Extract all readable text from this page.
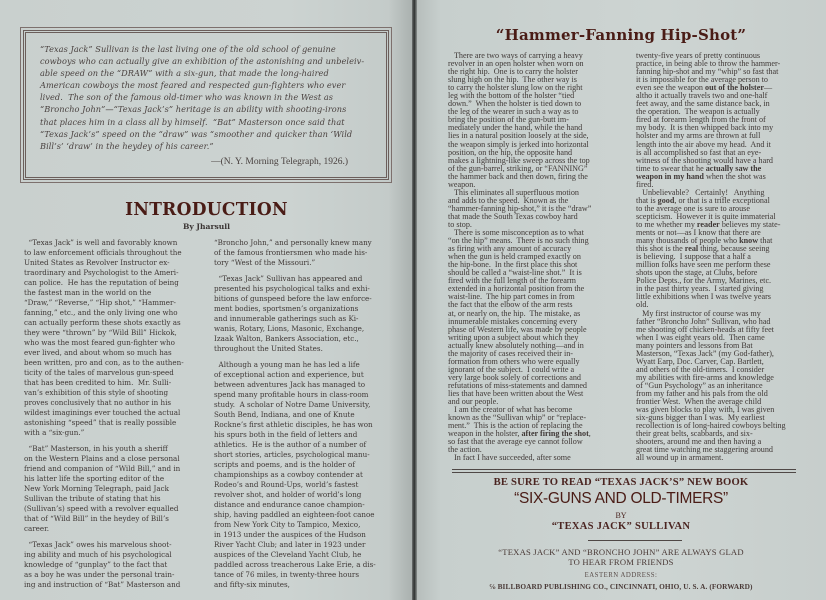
“Texas Jack” Sullivan is the last living one of the old school of genuine
cowboys who can actually give an exhibition of the astonishing and unbeleiv-
able speed on the “DRAW” with a six-gun, that made the long-haired
American cowboys the most feared and respected gun-fighters who ever
lived.  The son of the famous old-timer who was known in the West as
“Broncho John”—“Texas Jack’s” heritage is an ability with shooting-irons
that places him in a class all by himself.  “Bat” Masterson once said that
“Texas Jack’s” speed on the “draw” was “smoother and quicker than ‘Wild
Bill’s’ ‘draw’ in the heydey of his career.”
—(N. Y. Morning Telegraph, 1926.)
INTRODUCTION
By Jharsull

“Texas Jack” is well and favorably known
to law enforcement officials throughout the
United States as Revolver Instructor ex-
traordinary and Psychologist to the Ameri-
can police.  He has the reputation of being
the fastest man in the world on the
“Draw,” “Reverse,” “Hip shot,” “Hammer-
fanning,” etc., and the only living one who
can actually perform these shots exactly as
they were “thrown” by “Wild Bill” Hickok,
who was the most feared gun-fighter who
ever lived, and about whom so much has
been written, pro and con, as to the authen-
ticity of the tales of marvelous gun-speed
that has been credited to him.  Mr. Sulli-
van’s exhibition of this style of shooting
proves conclusively that no author in his
wildest imaginings ever touched the actual
astonishing “speed” that is really possible
with a “six-gun.”

“Bat” Masterson, in his youth a sheriff
on the Western Plains and a close personal
friend and companion of “Wild Bill,” and in
his latter life the sporting editor of the
New York Morning Telegraph, paid Jack
Sullivan the tribute of stating that his
(Sullivan’s) speed with a revolver equalled
that of “Wild Bill” in the heydey of Bill’s
career.

“Texas Jack” owes his marvelous shoot-
ing ability and much of his psychological
knowledge of “gunplay” to the fact that
as a boy he was under the personal train-
ing and instruction of “Bat” Masterson and

“Broncho John,” and personally knew many
of the famous frontiersmen who made his-
tory “West of the Missouri.”

“Texas Jack” Sullivan has appeared and
presented his psychological talks and exhi-
bitions of gunspeed before the law enforce-
ment bodies, sportsmen’s organizations
and innumerable gatherings such as Ki-
wanis, Rotary, Lions, Masonic, Exchange,
Izaak Walton, Bankers Association, etc.,
throughout the United States.

Although a young man he has led a life
of exceptional action and experience, but
between adventures Jack has managed to
spend many profitable hours in class-room
study.  A scholar of Notre Dame University,
South Bend, Indiana, and one of Knute
Rockne’s first athletic disciples, he has won
his spurs both in the field of letters and
athletics.  He is the author of a number of
short stories, articles, psychological manu-
scripts and poems, and is the holder of
championships as a cowboy contender at
Rodeo’s and Round-Ups, world’s fastest
revolver shot, and holder of world’s long
distance and endurance canoe champion-
ship, having paddled an eighteen-foot canoe
from New York City to Tampico, Mexico,
in 1913 under the auspices of the Hudson
River Yacht Club; and later in 1923 under
auspices of the Cleveland Yacht Club, he
paddled across treacherous Lake Erie, a dis-
tance of 76 miles, in twenty-three hours
and fifty-six minutes,

“Hammer-Fanning Hip-Shot”
There are two ways of carrying a heavy
revolver in an open holster when worn on
the right hip.  One is to carry the holster
slung high on the hip.  The other way is
to carry the holster slung low on the right
leg with the bottom of the holster “tied
down.”  When the holster is tied down to
the leg of the wearer in such a way as to
bring the position of the gun-butt im-
mediately under the hand, while the hand
lies in a natural position loosely at the side,
the weapon simply is jerked into horizontal
position, on the hip, the opposite hand
makes a lightning-like sweep across the top
of the gun-barrel, striking, or “FANNING”
the hammer back and then down, firing the
weapon.
This eliminates all superfluous motion
and adds to the speed.  Known as the
“hammer-fanning hip-shot,” it is the “draw”
that made the South Texas cowboy hard
to stop.
There is some misconception as to what
“on the hip” means.  There is no such thing
as firing with any amount of accuracy
when the gun is held cramped exactly on
the hip-bone.  In the first place this shot
should be called a “waist-line shot.”  It is
fired with the full length of the forearm
extended in a horizontal position from the
waist-line.  The hip part comes in from
the fact that the elbow of the arm rests
at, or nearly on, the hip.  The mistake, as
innumerable mistakes concerning every
phase of Western life, was made by people
writing upon a subject about which they
actually knew absolutely nothing—and in
the majority of cases received their in-
formation from others who were equally
ignorant of the subject.  I could write a
very large book solely of corrections and
refutations of miss-statements and damned
lies that have been written about the West
and our people.
I am the creator of what has become
known as the “Sullivan whip” or “replace-
ment.”  This is the action of replacing the
weapon in the holster, after firing the shot,
so fast that the average eye cannot follow
the action.
In fact I have succeeded, after some
twenty-five years of pretty continuous
practice, in being able to throw the hammer-
fanning hip-shot and my “whip” so fast that
it is impossible for the average person to
even see the weapon out of the holster—
altho it actually travels two and one-half
feet away, and the same distance back, in
the operation.  The weapon is actually
fired at forearm length from the front of
my body.  It is then whipped back into my
holster and my arms are thrown at full
length into the air above my head.  And it
is all accomplished so fast that an eye-
witness of the shooting would have a hard
time to swear that he actually saw the
weapon in my hand when the shot was
fired.
Unbelievable?   Certainly!   Anything
that is good, or that is a trifle exceptional
to the average one is sure to arouse
scepticism.  However it is quite immaterial
to me whether my reader believes my state-
ments or not—as I know that there are
many thousands of people who know that
this shot is the real thing, because seeing
is believing.  I suppose that a half a
million folks have seen me perform these
shots upon the stage, at Clubs, before
Police Depts., for the Army, Marines, etc.
in the past thirty years.  I started giving
little exhibitions when I was twelve years
old.
My first instructor of course was my
father “Broncho John” Sullivan, who had
me shooting off chicken-heads at fifty feet
when I was eight years old.  Then came
many pointers and lessons from Bat
Masterson, “Texas Jack” (my God-father),
Wyatt Earp, Doc. Carver, Cap. Bartlett,
and others of the old-timers.  I consider
my abilities with fire-arms and knowledge
of “Gun Psychology” as an inheritance
from my father and his pals from the old
frontier West.  When the average child
was given blocks to play with, I was given
six-guns bigger than I was.  My earliest
recollection is of long-haired cowboys belting
their great belts, scabbards, and six-
shooters, around me and then having a
great time watching me staggering around
all wound up in armament.
BE SURE TO READ “TEXAS JACK’S” NEW BOOK
“SIX-GUNS AND OLD-TIMERS”
BY
“TEXAS JACK” SULLIVAN
“TEXAS JACK” AND “BRONCHO JOHN” ARE ALWAYS GLAD
TO HEAR FROM FRIENDS
EASTERN ADDRESS:
℅ BILLBOARD PUBLISHING CO., CINCINNATI, OHIO, U. S. A. (FORWARD)
